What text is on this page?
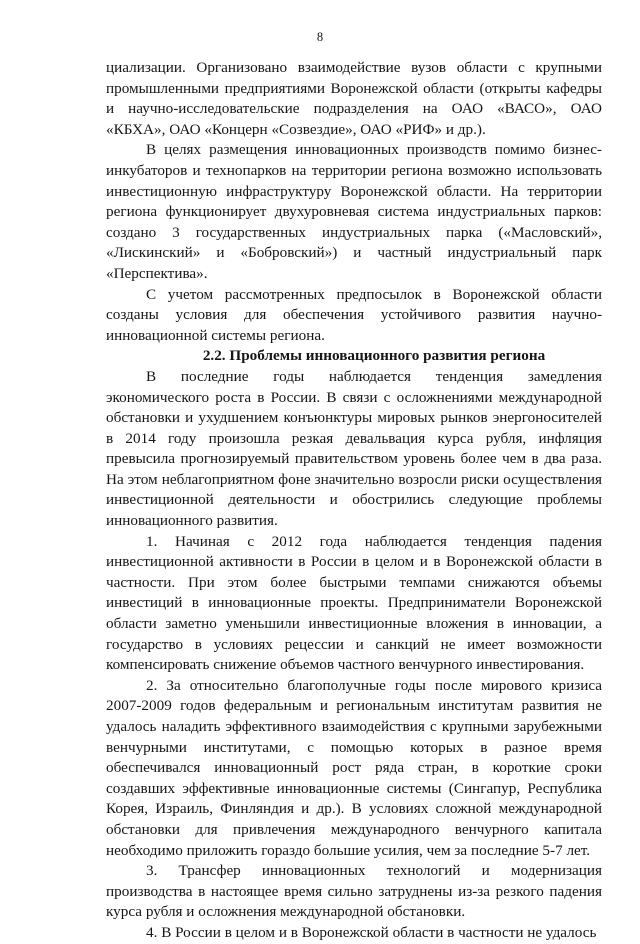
8

циализации. Организовано взаимодействие вузов области с крупными промышленными предприятиями Воронежской области (открыты кафедры и научно-исследовательские подразделения на ОАО «ВАСО», ОАО «КБХА», ОАО «Концерн «Созвездие», ОАО «РИФ» и др.).

В целях размещения инновационных производств помимо бизнес-инкубаторов и технопарков на территории региона возможно использовать инвестиционную инфраструктуру Воронежской области. На территории региона функционирует двухуровневая система индустриальных парков: создано 3 государственных индустриальных парка («Масловский», «Лискинский» и «Бобровский») и частный индустриальный парк «Перспектива».

С учетом рассмотренных предпосылок в Воронежской области созданы условия для обеспечения устойчивого развития научно-инновационной системы региона.

2.2. Проблемы инновационного развития региона

В последние годы наблюдается тенденция замедления экономического роста в России. В связи с осложнениями международной обстановки и ухудшением конъюнктуры мировых рынков энергоносителей в 2014 году произошла резкая девальвация курса рубля, инфляция превысила прогнозируемый правительством уровень более чем в два раза. На этом неблагоприятном фоне значительно возросли риски осуществления инвестиционной деятельности и обострились следующие проблемы инновационного развития.

1. Начиная с 2012 года наблюдается тенденция падения инвестиционной активности в России в целом и в Воронежской области в частности. При этом более быстрыми темпами снижаются объемы инвестиций в инновационные проекты. Предприниматели Воронежской области заметно уменьшили инвестиционные вложения в инновации, а государство в условиях рецессии и санкций не имеет возможности компенсировать снижение объемов частного венчурного инвестирования.

2. За относительно благополучные годы после мирового кризиса 2007-2009 годов федеральным и региональным институтам развития не удалось наладить эффективного взаимодействия с крупными зарубежными венчурными институтами, с помощью которых в разное время обеспечивался инновационный рост ряда стран, в короткие сроки создавших эффективные инновационные системы (Сингапур, Республика Корея, Израиль, Финляндия и др.). В условиях сложной международной обстановки для привлечения международного венчурного капитала необходимо приложить гораздо большие усилия, чем за последние 5-7 лет.

3. Трансфер инновационных технологий и модернизация производства в настоящее время сильно затруднены из-за резкого падения курса рубля и осложнения международной обстановки.

4. В России в целом и в Воронежской области в частности не удалось
